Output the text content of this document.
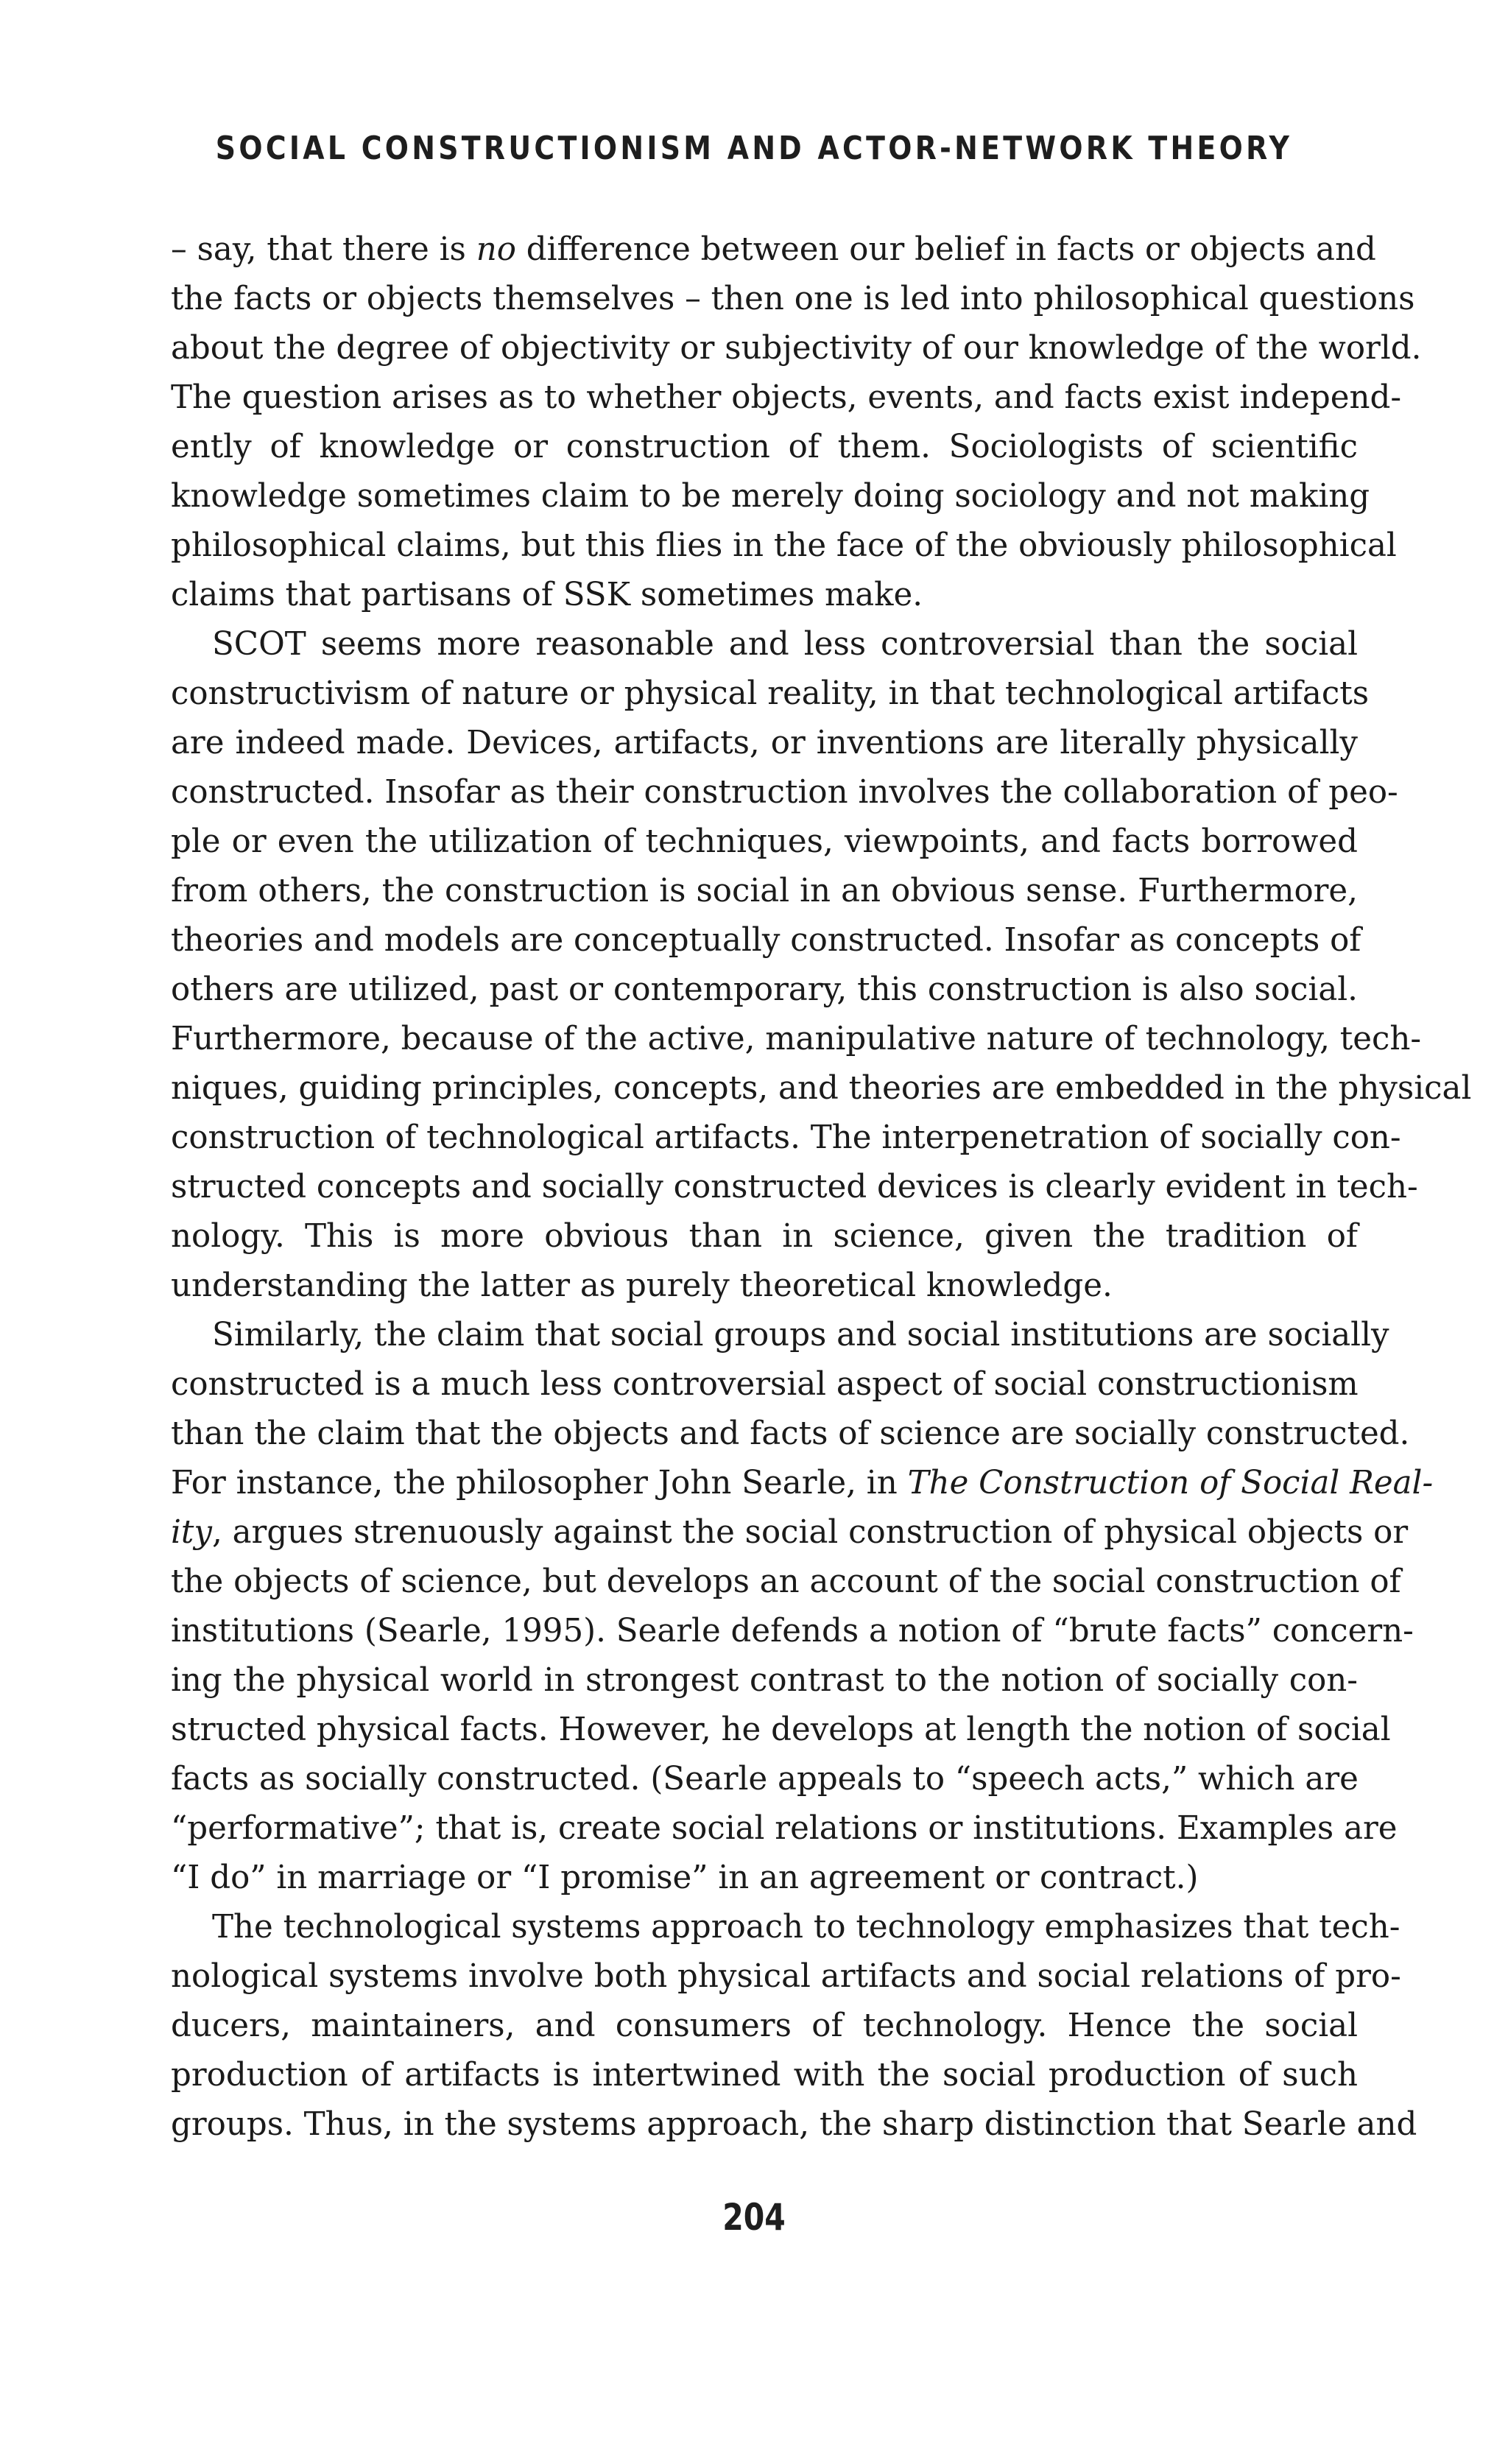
SOCIAL CONSTRUCTIONISM AND ACTOR-NETWORK THEORY
– say, that there is no difference between our belief in facts or objects and
the facts or objects themselves – then one is led into philosophical questions
about the degree of objectivity or subjectivity of our knowledge of the world.
The question arises as to whether objects, events, and facts exist independ-
ently of knowledge or construction of them. Sociologists of scientific
knowledge sometimes claim to be merely doing sociology and not making
philosophical claims, but this flies in the face of the obviously philosophical
claims that partisans of SSK sometimes make.
SCOT seems more reasonable and less controversial than the social
constructivism of nature or physical reality, in that technological artifacts
are indeed made. Devices, artifacts, or inventions are literally physically
constructed. Insofar as their construction involves the collaboration of peo-
ple or even the utilization of techniques, viewpoints, and facts borrowed
from others, the construction is social in an obvious sense. Furthermore,
theories and models are conceptually constructed. Insofar as concepts of
others are utilized, past or contemporary, this construction is also social.
Furthermore, because of the active, manipulative nature of technology, tech-
niques, guiding principles, concepts, and theories are embedded in the physical
construction of technological artifacts. The interpenetration of socially con-
structed concepts and socially constructed devices is clearly evident in tech-
nology. This is more obvious than in science, given the tradition of
understanding the latter as purely theoretical knowledge.
Similarly, the claim that social groups and social institutions are socially
constructed is a much less controversial aspect of social constructionism
than the claim that the objects and facts of science are socially constructed.
For instance, the philosopher John Searle, in The Construction of Social Real-
ity, argues strenuously against the social construction of physical objects or
the objects of science, but develops an account of the social construction of
institutions (Searle, 1995). Searle defends a notion of “brute facts” concern-
ing the physical world in strongest contrast to the notion of socially con-
structed physical facts. However, he develops at length the notion of social
facts as socially constructed. (Searle appeals to “speech acts,” which are
“performative”; that is, create social relations or institutions. Examples are
“I do” in marriage or “I promise” in an agreement or contract.)
The technological systems approach to technology emphasizes that tech-
nological systems involve both physical artifacts and social relations of pro-
ducers, maintainers, and consumers of technology. Hence the social
production of artifacts is intertwined with the social production of such
groups. Thus, in the systems approach, the sharp distinction that Searle and
204
